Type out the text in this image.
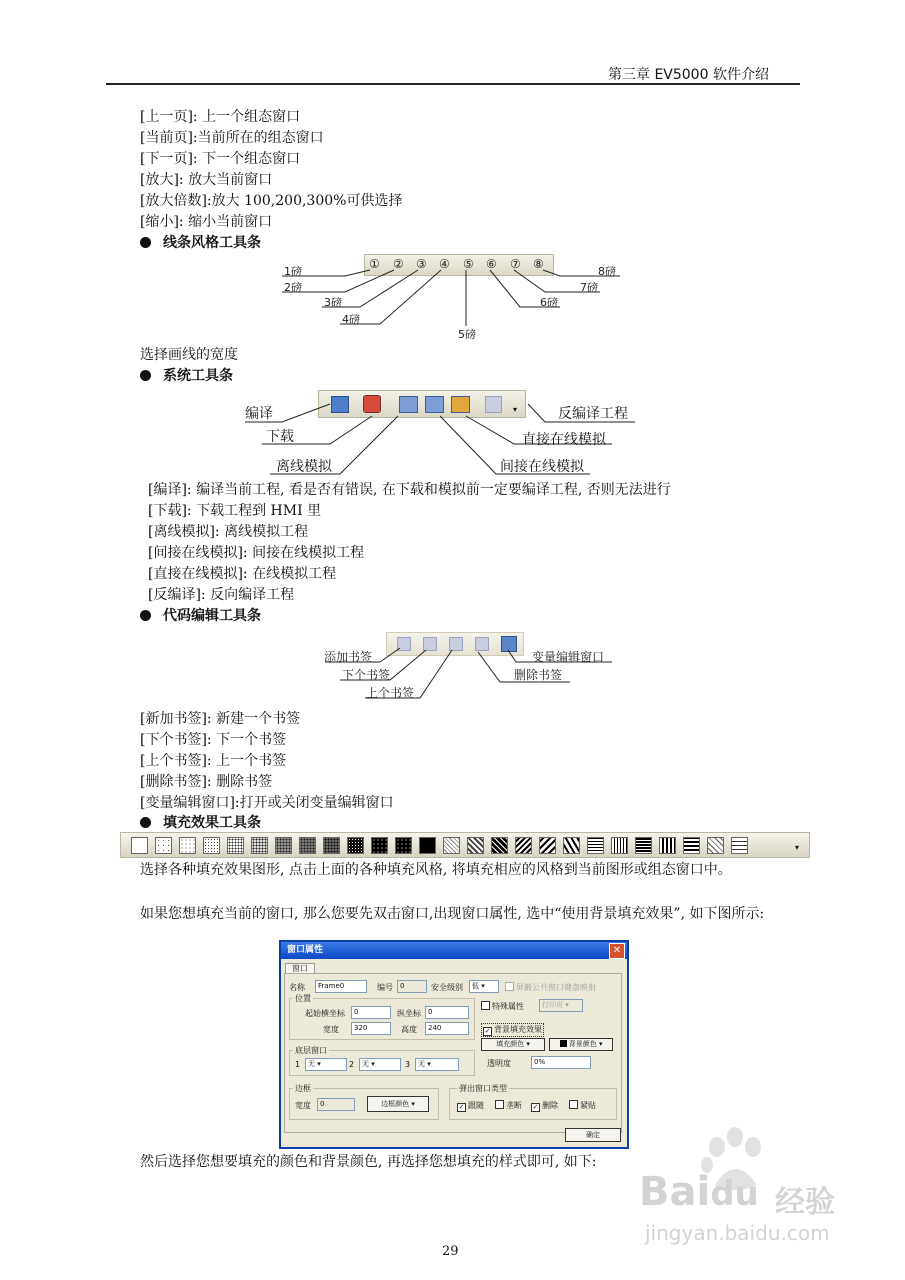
第三章 EV5000 软件介绍
[上一页]: 上一个组态窗口
[当前页]:当前所在的组态窗口
[下一页]: 下一个组态窗口
[放大]: 放大当前窗口
[放大倍数]:放大 100,200,300%可供选择
[缩小]: 缩小当前窗口
线条风格工具条
① ② ③ ④ ⑤ ⑥ ⑦ ⑧
1磅
2磅
3磅
4磅
5磅
6磅
7磅
8磅
选择画线的宽度
系统工具条
▾
编译
下载
离线模拟	间接在线模拟
直接在线模拟
反编译工程
[编译]: 编译当前工程, 看是否有错误, 在下载和模拟前一定要编译工程, 否则无法进行
[下载]: 下载工程到 HMI 里
[离线模拟]: 离线模拟工程
[间接在线模拟]: 间接在线模拟工程
[直接在线模拟]: 在线模拟工程
[反编译]: 反向编译工程
代码编辑工具条
添加书签
下个书签
上个书签
删除书签
变量编辑窗口
[新加书签]: 新建一个书签
[下个书签]: 下一个书签
[上个书签]: 上一个书签
[删除书签]: 删除书签
[变量编辑窗口]:打开或关闭变量编辑窗口
填充效果工具条
▾
选择各种填充效果图形, 点击上面的各种填充风格, 将填充相应的风格到当前图形或组态窗口中。
如果您想填充当前的窗口, 那么您要先双击窗口,出现窗口属性, 选中“使用背景填充效果”, 如下图所示:
窗口属性	✕
窗口
名称	Frame0	编号	0	安全级别	低 ▾	屏蔽公共窗口键盘映射
位置
起始横坐标	0	纵坐标	0
宽度	320	高度	240
特殊属性	打印页 ▾
✓ 背景填充效果
填充颜色 ▾	背景颜色 ▾
透明度	0%
底层窗口
1	无 ▾	2	无 ▾	3	无 ▾
边框
宽度	0	边框颜色 ▾
弹出窗口类型
✓ 跟随	垄断 ✓ 删除	紧贴
确定
然后选择您想要填充的颜色和背景颜色, 再选择您想填充的样式即可, 如下:
Baidu 经验
jingyan.baidu.com
29
